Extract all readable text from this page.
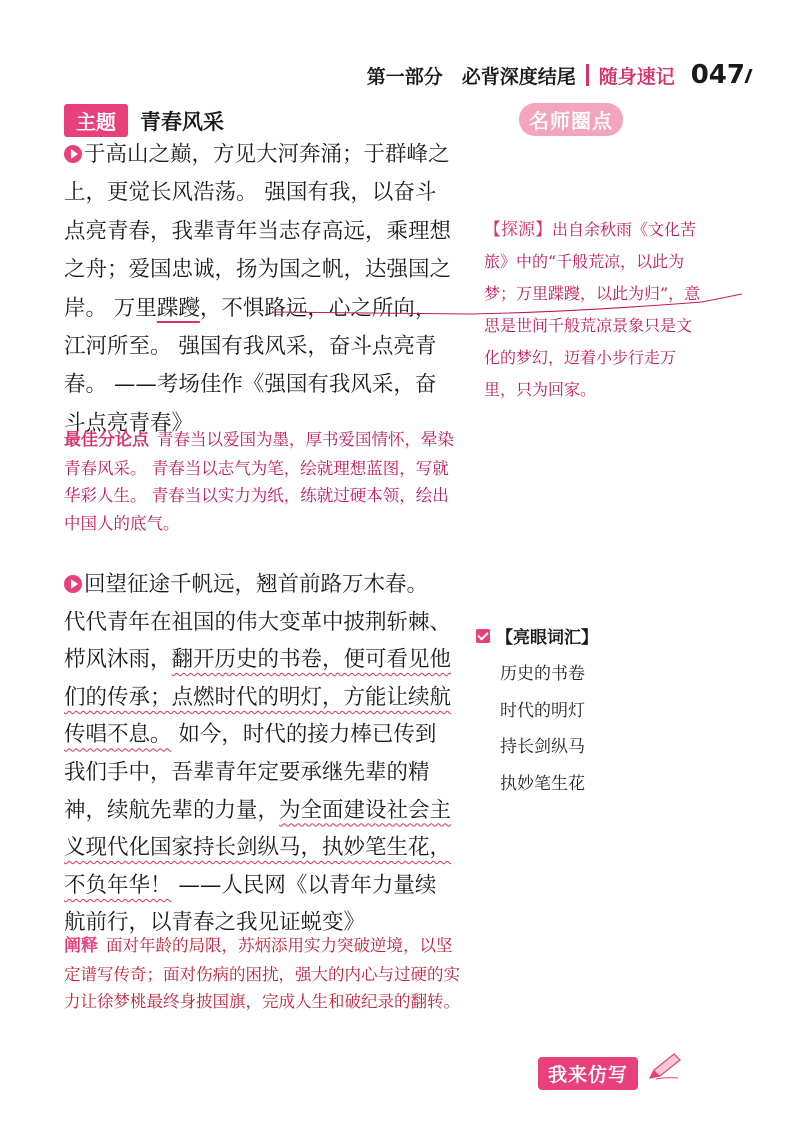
第一部分　必背深度结尾 随身速记 047
主题	青春风采	名师圈点

于高山之巅，方见大河奔涌；于群峰之上，更觉长风浩荡。 强国有我，以奋斗点亮青春，我辈青年当志存高远，乘理想之舟；爱国忠诚，扬为国之帆，达强国之岸。 万里蹀躞，不惧路远，心之所向，江河所至。 强国有我风采，奋斗点亮青春。 ——考场佳作《强国有我风采，奋斗点亮青春》

【探源】出自余秋雨《文化苦旅》中的“千般荒凉，以此为梦；万里蹀躞，以此为归”，意思是世间千般荒凉景象只是文化的梦幻，迈着小步行走万里，只为回家。

最佳分论点 青春当以爱国为墨，厚书爱国情怀，晕染青春风采。 青春当以志气为笔，绘就理想蓝图，写就华彩人生。 青春当以实力为纸，练就过硬本领，绘出中国人的底气。

回望征途千帆远，翘首前路万木春。 代代青年在祖国的伟大变革中披荆斩棘、栉风沐雨，翻开历史的书卷，便可看见他们的传承；点燃时代的明灯，方能让续航传唱不息。 如今，时代的接力棒已传到我们手中，吾辈青年定要承继先辈的精神，续航先辈的力量，为全面建设社会主义现代化国家持长剑纵马，执妙笔生花，不负年华！ ——人民网《以青年力量续航前行，以青春之我见证蜕变》

【亮眼词汇】
历史的书卷
时代的明灯
持长剑纵马
执妙笔生花

阐释 面对年龄的局限，苏炳添用实力突破逆境，以坚定谱写传奇；面对伤病的困扰，强大的内心与过硬的实力让徐梦桃最终身披国旗，完成人生和破纪录的翻转。

我来仿写
